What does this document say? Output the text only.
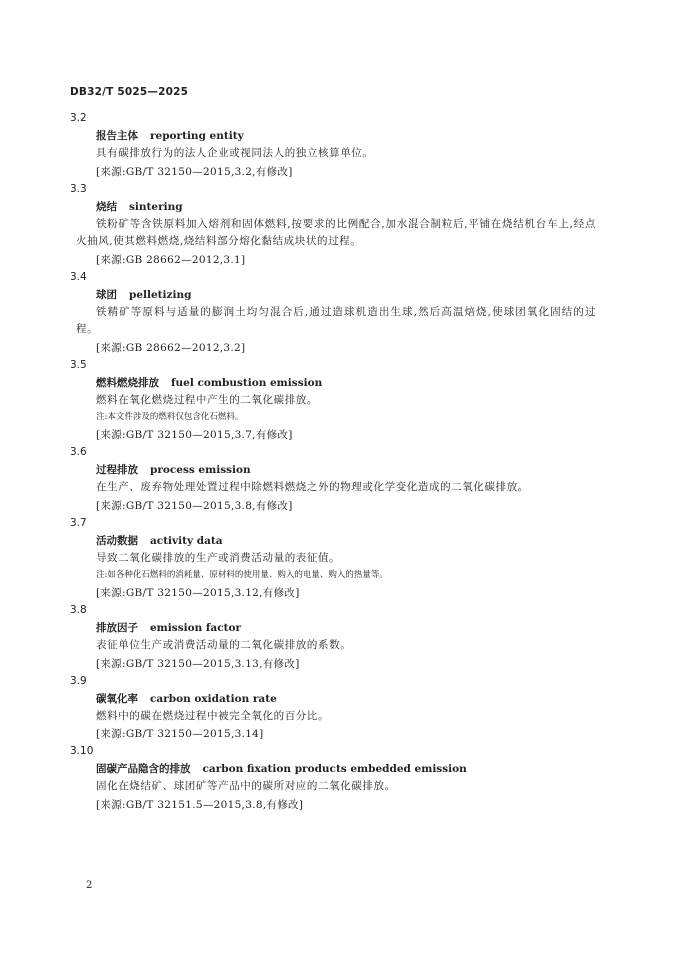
DB32/T 5025—2025
3.2
报告主体 reporting entity
具有碳排放行为的法人企业或视同法人的独立核算单位。
[来源:GB/T 32150—2015,3.2,有修改]
3.3
烧结 sintering
铁粉矿等含铁原料加入熔剂和固体燃料,按要求的比例配合,加水混合制粒后,平铺在烧结机台车上,经点火抽风,使其燃料燃烧,烧结料部分熔化黏结成块状的过程。
[来源:GB 28662—2012,3.1]
3.4
球团 pelletizing
铁精矿等原料与适量的膨润土均匀混合后,通过造球机造出生球,然后高温焙烧,使球团氧化固结的过程。
[来源:GB 28662—2012,3.2]
3.5
燃料燃烧排放 fuel combustion emission
燃料在氧化燃烧过程中产生的二氧化碳排放。
注:本文件涉及的燃料仅包含化石燃料。
[来源:GB/T 32150—2015,3.7,有修改]
3.6
过程排放 process emission
在生产、废弃物处理处置过程中除燃料燃烧之外的物理或化学变化造成的二氧化碳排放。
[来源:GB/T 32150—2015,3.8,有修改]
3.7
活动数据 activity data
导致二氧化碳排放的生产或消费活动量的表征值。
注:如各种化石燃料的消耗量、原材料的使用量、购入的电量、购入的热量等。
[来源:GB/T 32150—2015,3.12,有修改]
3.8
排放因子 emission factor
表征单位生产或消费活动量的二氧化碳排放的系数。
[来源:GB/T 32150—2015,3.13,有修改]
3.9
碳氧化率 carbon oxidation rate
燃料中的碳在燃烧过程中被完全氧化的百分比。
[来源:GB/T 32150—2015,3.14]
3.10
固碳产品隐含的排放 carbon fixation products embedded emission
固化在烧结矿、球团矿等产品中的碳所对应的二氧化碳排放。
[来源:GB/T 32151.5—2015,3.8,有修改]
2
